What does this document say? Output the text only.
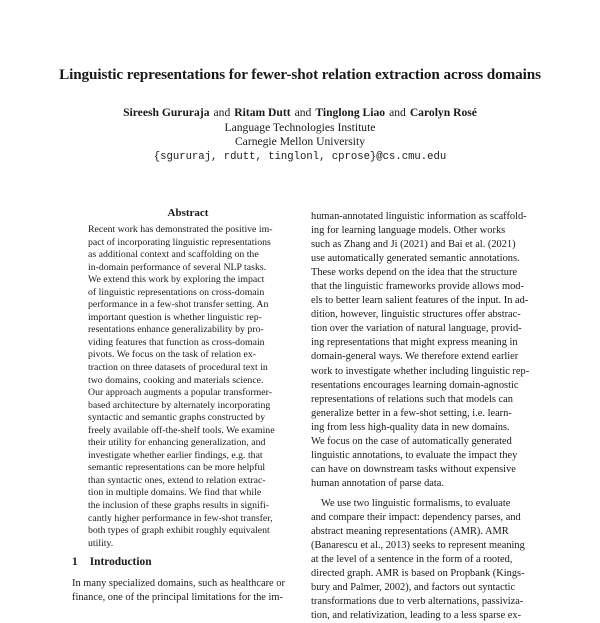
Linguistic representations for fewer-shot relation extraction across domains
Sireesh Gururaja and Ritam Dutt and Tinglong Liao and Carolyn Rosé
Language Technologies Institute
Carnegie Mellon University
{sgururaj, rdutt, tinglonl, cprose}@cs.cmu.edu
Abstract
Recent work has demonstrated the positive im-
pact of incorporating linguistic representations
as additional context and scaffolding on the
in-domain performance of several NLP tasks.
We extend this work by exploring the impact
of linguistic representations on cross-domain
performance in a few-shot transfer setting. An
important question is whether linguistic rep-
resentations enhance generalizability by pro-
viding features that function as cross-domain
pivots. We focus on the task of relation ex-
traction on three datasets of procedural text in
two domains, cooking and materials science.
Our approach augments a popular transformer-
based architecture by alternately incorporating
syntactic and semantic graphs constructed by
freely available off-the-shelf tools. We examine
their utility for enhancing generalization, and
investigate whether earlier findings, e.g. that
semantic representations can be more helpful
than syntactic ones, extend to relation extrac-
tion in multiple domains. We find that while
the inclusion of these graphs results in signifi-
cantly higher performance in few-shot transfer,
both types of graph exhibit roughly equivalent
utility.
human-annotated linguistic information as scaffold-
ing for learning language models. Other works
such as Zhang and Ji (2021) and Bai et al. (2021)
use automatically generated semantic annotations.
These works depend on the idea that the structure
that the linguistic frameworks provide allows mod-
els to better learn salient features of the input. In ad-
dition, however, linguistic structures offer abstrac-
tion over the variation of natural language, provid-
ing representations that might express meaning in
domain-general ways. We therefore extend earlier
work to investigate whether including linguistic rep-
resentations encourages learning domain-agnostic
representations of relations such that models can
generalize better in a few-shot setting, i.e. learn-
ing from less high-quality data in new domains.
We focus on the case of automatically generated
linguistic annotations, to evaluate the impact they
can have on downstream tasks without expensive
human annotation of parse data.
We use two linguistic formalisms, to evaluate
and compare their impact: dependency parses, and
abstract meaning representations (AMR). AMR
(Banarescu et al., 2013) seeks to represent meaning
at the level of a sentence in the form of a rooted,
directed graph. AMR is based on Propbank (Kings-
bury and Palmer, 2002), and factors out syntactic
transformations due to verb alternations, passiviza-
tion, and relativization, leading to a less sparse ex-
1 Introduction
In many specialized domains, such as healthcare or
finance, one of the principal limitations for the im-
